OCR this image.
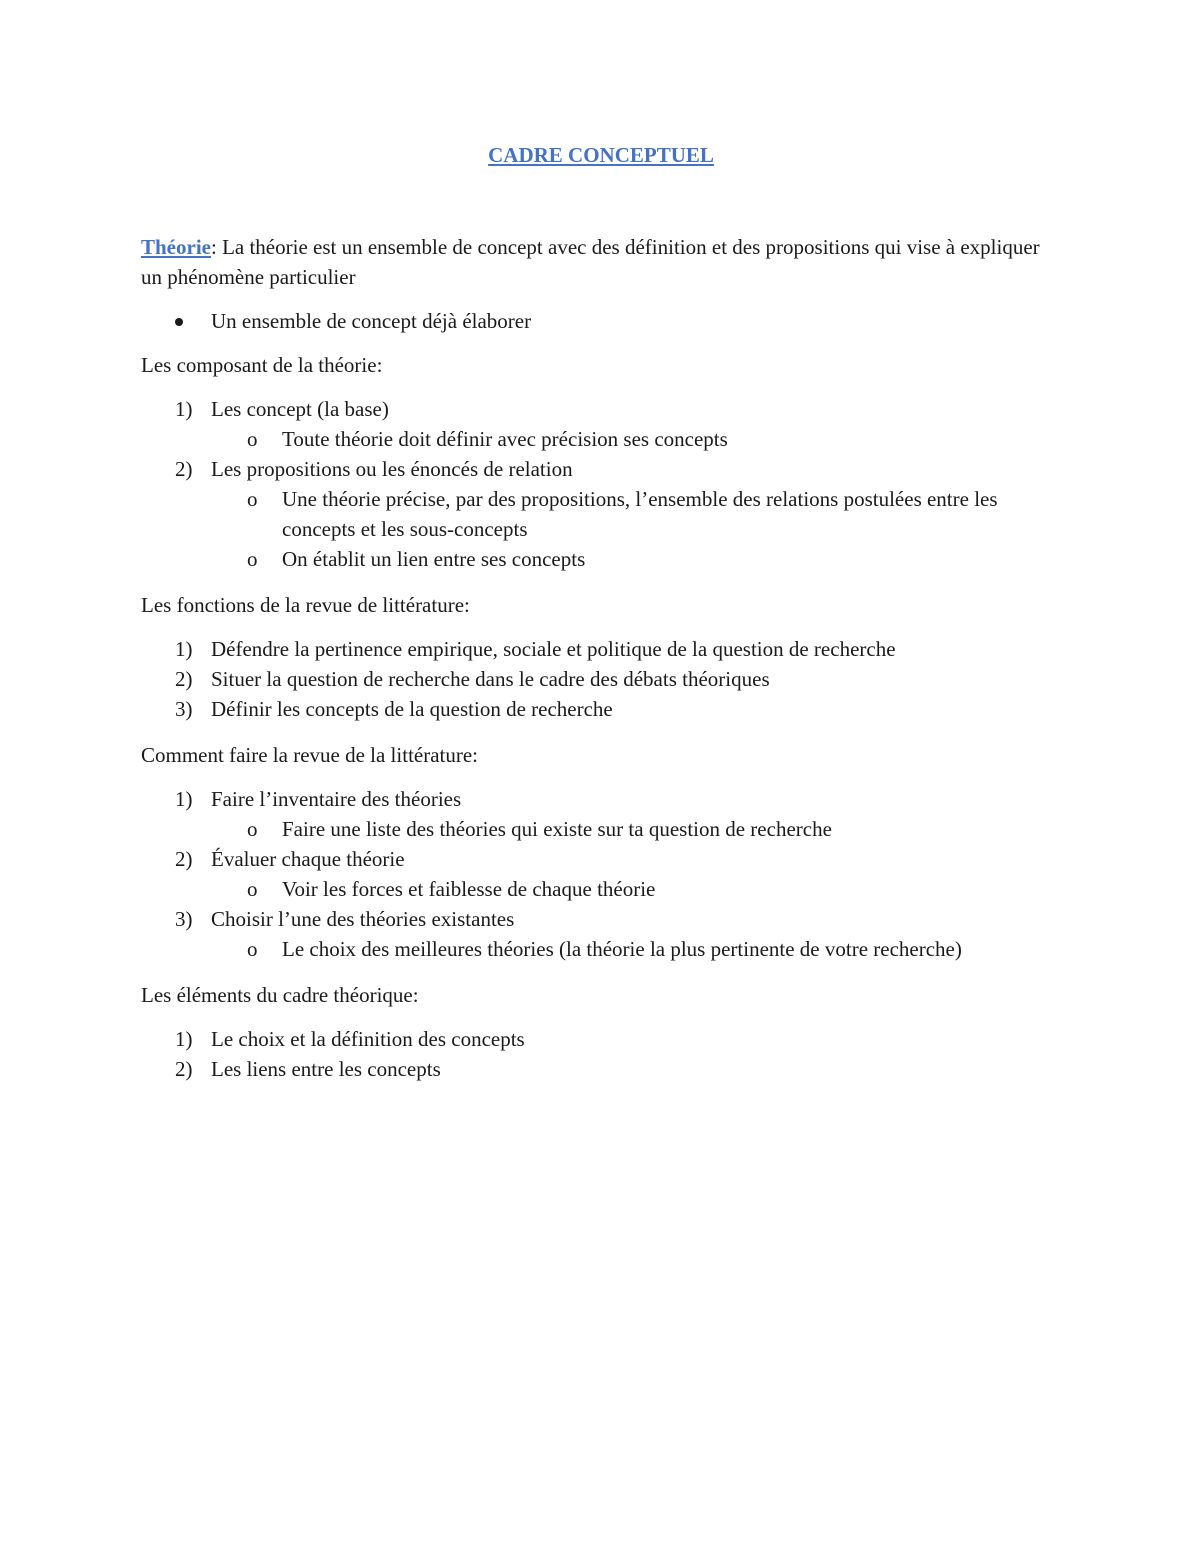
CADRE CONCEPTUEL

Théorie: La théorie est un ensemble de concept avec des définition et des propositions qui vise à expliquer un phénomène particulier

Un ensemble de concept déjà élaborer

Les composant de la théorie:

1) Les concept (la base)
o Toute théorie doit définir avec précision ses concepts
2) Les propositions ou les énoncés de relation
o Une théorie précise, par des propositions, l’ensemble des relations postulées entre les concepts et les sous-concepts
o On établit un lien entre ses concepts

Les fonctions de la revue de littérature:

1) Défendre la pertinence empirique, sociale et politique de la question de recherche
2) Situer la question de recherche dans le cadre des débats théoriques
3) Définir les concepts de la question de recherche

Comment faire la revue de la littérature:

1) Faire l’inventaire des théories
o Faire une liste des théories qui existe sur ta question de recherche
2) Évaluer chaque théorie
o Voir les forces et faiblesse de chaque théorie
3) Choisir l’une des théories existantes
o Le choix des meilleures théories (la théorie la plus pertinente de votre recherche)

Les éléments du cadre théorique:

1) Le choix et la définition des concepts
2) Les liens entre les concepts
